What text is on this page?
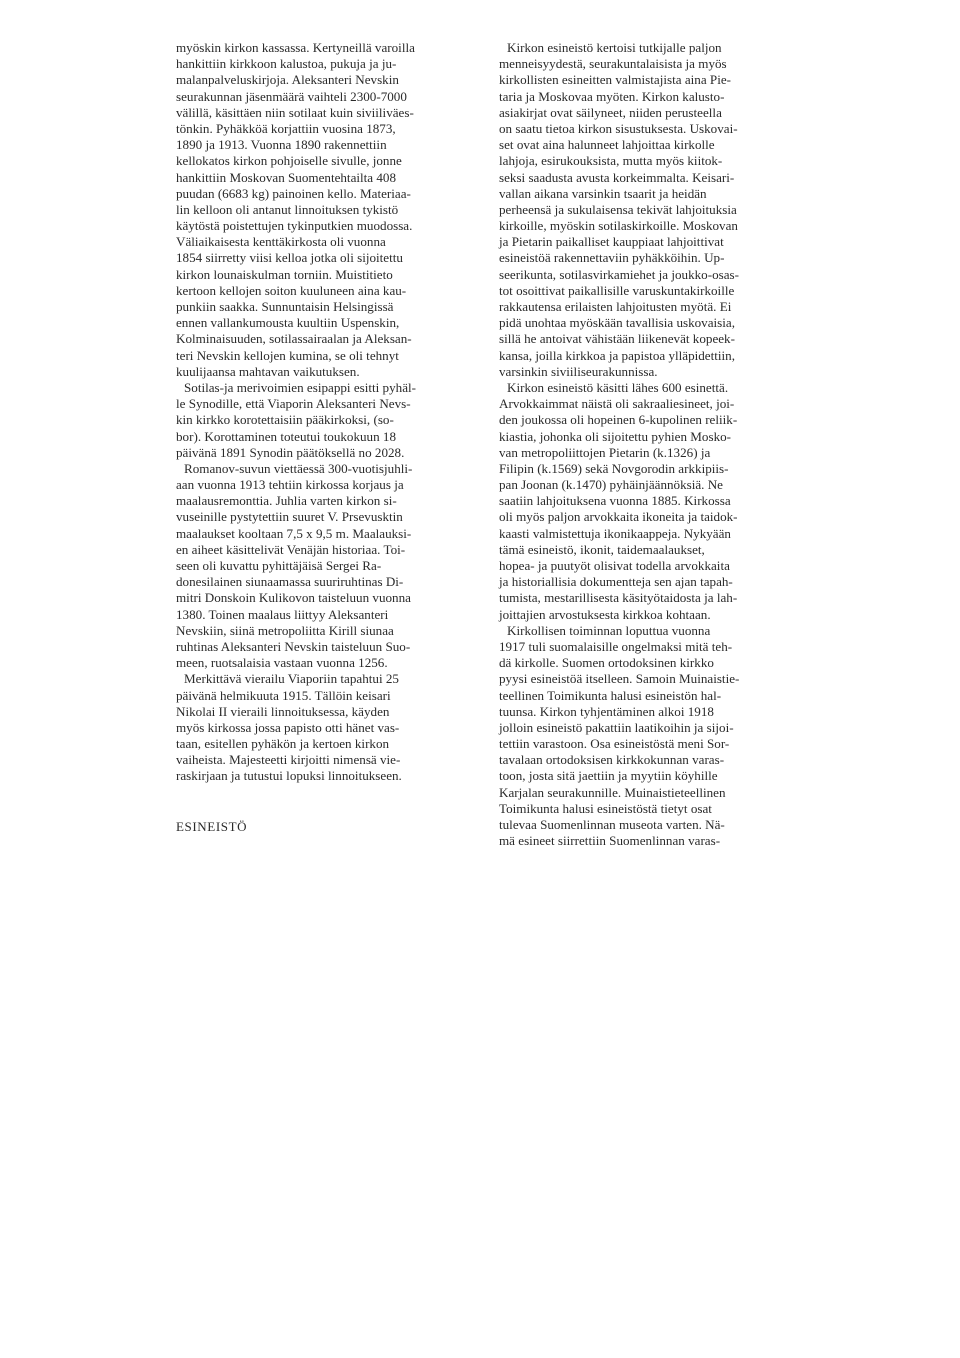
myöskin kirkon kassassa. Kertyneillä varoilla
hankittiin kirkkoon kalustoa, pukuja ja ju-
malanpalveluskirjoja. Aleksanteri Nevskin
seurakunnan jäsenmäärä vaihteli 2300-7000
välillä, käsittäen niin sotilaat kuin siviiliväes-
tönkin. Pyhäkköä korjattiin vuosina 1873,
1890 ja 1913. Vuonna 1890 rakennettiin
kellokatos kirkon pohjoiselle sivulle, jonne
hankittiin Moskovan Suomentehtailta 408
puudan (6683 kg) painoinen kello. Materiaa-
lin kelloon oli antanut linnoituksen tykistö
käytöstä poistettujen tykinputkien muodossa.
Väliaikaisesta kenttäkirkosta oli vuonna
1854 siirretty viisi kelloa jotka oli sijoitettu
kirkon lounaiskulman torniin. Muistitieto
kertoon kellojen soiton kuuluneen aina kau-
punkiin saakka. Sunnuntaisin Helsingissä
ennen vallankumousta kuultiin Uspenskin,
Kolminaisuuden, sotilassairaalan ja Aleksan-
teri Nevskin kellojen kumina, se oli tehnyt
kuulijaansa mahtavan vaikutuksen.
Sotilas-ja merivoimien esipappi esitti pyhäl-
le Synodille, että Viaporin Aleksanteri Nevs-
kin kirkko korotettaisiin pääkirkoksi, (so-
bor). Korottaminen toteutui toukokuun 18
päivänä 1891 Synodin päätöksellä no 2028.
Romanov-suvun viettäessä 300-vuotisjuhli-
aan vuonna 1913 tehtiin kirkossa korjaus ja
maalausremonttia. Juhlia varten kirkon si-
vuseinille pystytettiin suuret V. Prsevusktin
maalaukset kooltaan 7,5 x 9,5 m. Maalauksi-
en aiheet käsittelivät Venäjän historiaa. Toi-
seen oli kuvattu pyhittäjäisä Sergei Ra-
donesilainen siunaamassa suuriruhtinas Di-
mitri Donskoin Kulikovon taisteluun vuonna
1380. Toinen maalaus liittyy Aleksanteri
Nevskiin, siinä metropoliitta Kirill siunaa
ruhtinas Aleksanteri Nevskin taisteluun Suo-
meen, ruotsalaisia vastaan vuonna 1256.
Merkittävä vierailu Viaporiin tapahtui 25
päivänä helmikuuta 1915. Tällöin keisari
Nikolai II vieraili linnoituksessa, käyden
myös kirkossa jossa papisto otti hänet vas-
taan, esitellen pyhäkön ja kertoen kirkon
vaiheista. Majesteetti kirjoitti nimensä vie-
raskirjaan ja tutustui lopuksi linnoitukseen.
ESINEISTÖ
Kirkon esineistö kertoisi tutkijalle paljon
menneisyydestä, seurakuntalaisista ja myös
kirkollisten esineitten valmistajista aina Pie-
taria ja Moskovaa myöten. Kirkon kalusto-
asiakirjat ovat säilyneet, niiden perusteella
on saatu tietoa kirkon sisustuksesta. Uskovai-
set ovat aina halunneet lahjoittaa kirkolle
lahjoja, esirukouksista, mutta myös kiitok-
seksi saadusta avusta korkeimmalta. Keisari-
vallan aikana varsinkin tsaarit ja heidän
perheensä ja sukulaisensa tekivät lahjoituksia
kirkoille, myöskin sotilaskirkoille. Moskovan
ja Pietarin paikalliset kauppiaat lahjoittivat
esineistöä rakennettaviin pyhäkköihin. Up-
seerikunta, sotilasvirkamiehet ja joukko-osas-
tot osoittivat paikallisille varuskuntakirkoille
rakkautensa erilaisten lahjoitusten myötä. Ei
pidä unohtaa myöskään tavallisia uskovaisia,
sillä he antoivat vähistään liikenevät kopeek-
kansa, joilla kirkkoa ja papistoa ylläpidettiin,
varsinkin siviiliseurakunnissa.
Kirkon esineistö käsitti lähes 600 esinettä.
Arvokkaimmat näistä oli sakraaliesineet, joi-
den joukossa oli hopeinen 6-kupolinen reliik-
kiastia, johonka oli sijoitettu pyhien Mosko-
van metropoliittojen Pietarin (k.1326) ja
Filipin (k.1569) sekä Novgorodin arkkipiis-
pan Joonan (k.1470) pyhäinjäännöksiä. Ne
saatiin lahjoituksena vuonna 1885. Kirkossa
oli myös paljon arvokkaita ikoneita ja taidok-
kaasti valmistettuja ikonikaappeja. Nykyään
tämä esineistö, ikonit, taidemaalaukset,
hopea- ja puutyöt olisivat todella arvokkaita
ja historiallisia dokumentteja sen ajan tapah-
tumista, mestarillisesta käsityötaidosta ja lah-
joittajien arvostuksesta kirkkoa kohtaan.
Kirkollisen toiminnan loputtua vuonna
1917 tuli suomalaisille ongelmaksi mitä teh-
dä kirkolle. Suomen ortodoksinen kirkko
pyysi esineistöä itselleen. Samoin Muinaistie-
teellinen Toimikunta halusi esineistön hal-
tuunsa. Kirkon tyhjentäminen alkoi 1918
jolloin esineistö pakattiin laatikoihin ja sijoi-
tettiin varastoon. Osa esineistöstä meni Sor-
tavalaan ortodoksisen kirkkokunnan varas-
toon, josta sitä jaettiin ja myytiin köyhille
Karjalan seurakunnille. Muinaistieteellinen
Toimikunta halusi esineistöstä tietyt osat
tulevaa Suomenlinnan museota varten. Nä-
mä esineet siirrettiin Suomenlinnan varas-
